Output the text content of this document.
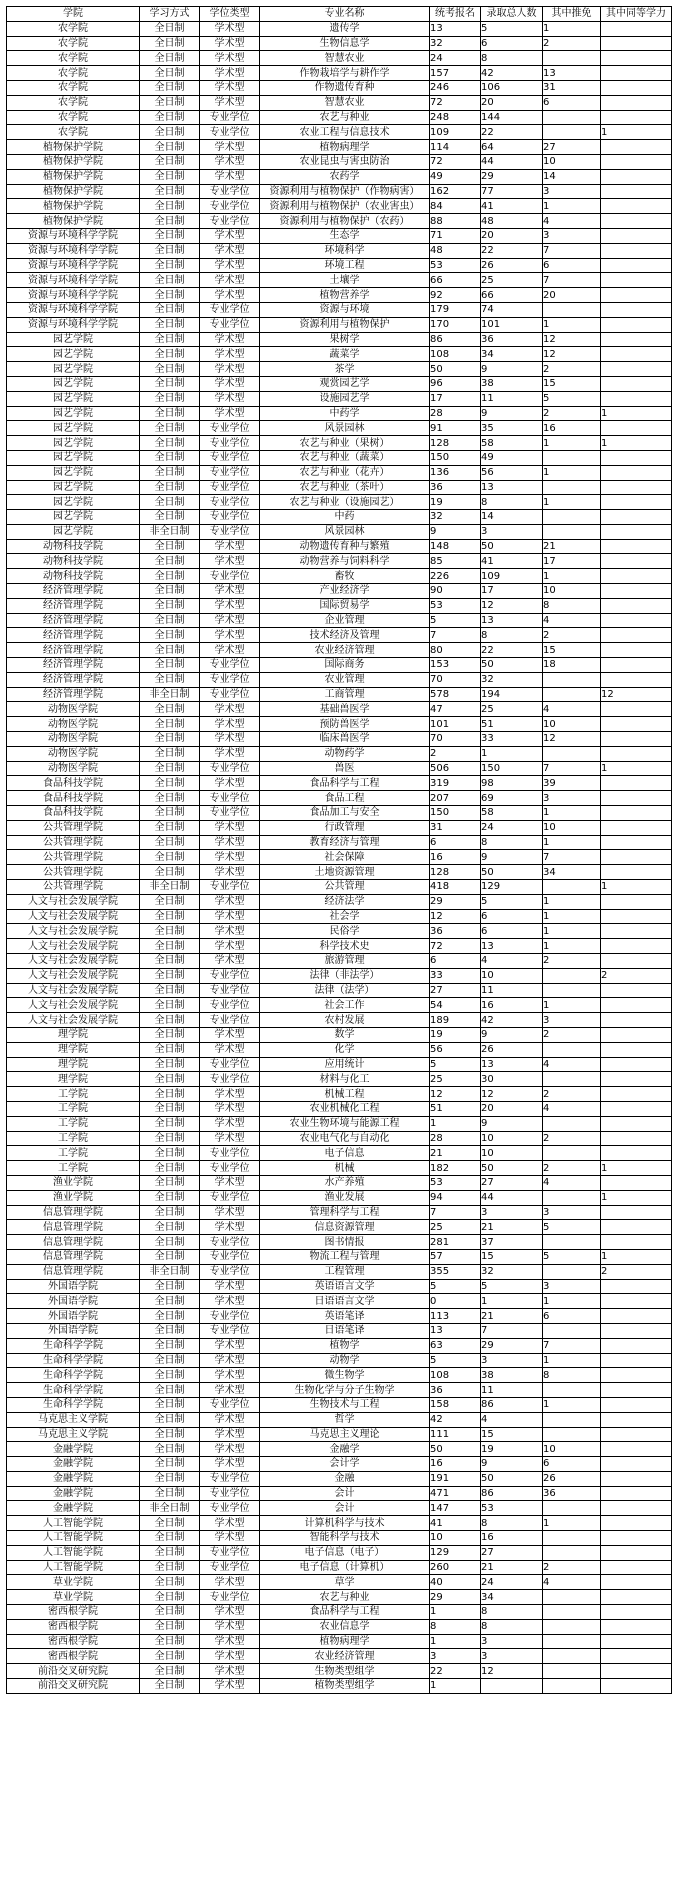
学院	学习方式	学位类型	专业名称	统考报名	录取总人数	其中推免	其中同等学力
农学院	全日制	学术型	遗传学	13	5	1	
农学院	全日制	学术型	生物信息学	32	6	2	
农学院	全日制	学术型	智慧农业	24	8		
农学院	全日制	学术型	作物栽培学与耕作学	157	42	13	
农学院	全日制	学术型	作物遗传育种	246	106	31	
农学院	全日制	学术型	智慧农业	72	20	6	
农学院	全日制	专业学位	农艺与种业	248	144		
农学院	全日制	专业学位	农业工程与信息技术	109	22		1
植物保护学院	全日制	学术型	植物病理学	114	64	27	
植物保护学院	全日制	学术型	农业昆虫与害虫防治	72	44	10	
植物保护学院	全日制	学术型	农药学	49	29	14	
植物保护学院	全日制	专业学位	资源利用与植物保护（作物病害）	162	77	3	
植物保护学院	全日制	专业学位	资源利用与植物保护（农业害虫）	84	41	1	
植物保护学院	全日制	专业学位	资源利用与植物保护（农药）	88	48	4	
资源与环境科学学院	全日制	学术型	生态学	71	20	3	
资源与环境科学学院	全日制	学术型	环境科学	48	22	7	
资源与环境科学学院	全日制	学术型	环境工程	53	26	6	
资源与环境科学学院	全日制	学术型	土壤学	66	25	7	
资源与环境科学学院	全日制	学术型	植物营养学	92	66	20	
资源与环境科学学院	全日制	专业学位	资源与环境	179	74		
资源与环境科学学院	全日制	专业学位	资源利用与植物保护	170	101	1	
园艺学院	全日制	学术型	果树学	86	36	12	
园艺学院	全日制	学术型	蔬菜学	108	34	12	
园艺学院	全日制	学术型	茶学	50	9	2	
园艺学院	全日制	学术型	观赏园艺学	96	38	15	
园艺学院	全日制	学术型	设施园艺学	17	11	5	
园艺学院	全日制	学术型	中药学	28	9	2	1
园艺学院	全日制	专业学位	风景园林	91	35	16	
园艺学院	全日制	专业学位	农艺与种业（果树）	128	58	1	1
园艺学院	全日制	专业学位	农艺与种业（蔬菜）	150	49		
园艺学院	全日制	专业学位	农艺与种业（花卉）	136	56	1	
园艺学院	全日制	专业学位	农艺与种业（茶叶）	36	13		
园艺学院	全日制	专业学位	农艺与种业（设施园艺）	19	8	1	
园艺学院	全日制	专业学位	中药	32	14		
园艺学院	非全日制	专业学位	风景园林	9	3		
动物科技学院	全日制	学术型	动物遗传育种与繁殖	148	50	21	
动物科技学院	全日制	学术型	动物营养与饲料科学	85	41	17	
动物科技学院	全日制	专业学位	畜牧	226	109	1	
经济管理学院	全日制	学术型	产业经济学	90	17	10	
经济管理学院	全日制	学术型	国际贸易学	53	12	8	
经济管理学院	全日制	学术型	企业管理	5	13	4	
经济管理学院	全日制	学术型	技术经济及管理	7	8	2	
经济管理学院	全日制	学术型	农业经济管理	80	22	15	
经济管理学院	全日制	专业学位	国际商务	153	50	18	
经济管理学院	全日制	专业学位	农业管理	70	32		
经济管理学院	非全日制	专业学位	工商管理	578	194		12
动物医学院	全日制	学术型	基础兽医学	47	25	4	
动物医学院	全日制	学术型	预防兽医学	101	51	10	
动物医学院	全日制	学术型	临床兽医学	70	33	12	
动物医学院	全日制	学术型	动物药学	2	1		
动物医学院	全日制	专业学位	兽医	506	150	7	1
食品科技学院	全日制	学术型	食品科学与工程	319	98	39	
食品科技学院	全日制	专业学位	食品工程	207	69	3	
食品科技学院	全日制	专业学位	食品加工与安全	150	58	1	
公共管理学院	全日制	学术型	行政管理	31	24	10	
公共管理学院	全日制	学术型	教育经济与管理	6	8	1	
公共管理学院	全日制	学术型	社会保障	16	9	7	
公共管理学院	全日制	学术型	土地资源管理	128	50	34	
公共管理学院	非全日制	专业学位	公共管理	418	129		1
人文与社会发展学院	全日制	学术型	经济法学	29	5	1	
人文与社会发展学院	全日制	学术型	社会学	12	6	1	
人文与社会发展学院	全日制	学术型	民俗学	36	6	1	
人文与社会发展学院	全日制	学术型	科学技术史	72	13	1	
人文与社会发展学院	全日制	学术型	旅游管理	6	4	2	
人文与社会发展学院	全日制	专业学位	法律（非法学）	33	10		2
人文与社会发展学院	全日制	专业学位	法律（法学）	27	11		
人文与社会发展学院	全日制	专业学位	社会工作	54	16	1	
人文与社会发展学院	全日制	专业学位	农村发展	189	42	3	
理学院	全日制	学术型	数学	19	9	2	
理学院	全日制	学术型	化学	56	26		
理学院	全日制	专业学位	应用统计	5	13	4	
理学院	全日制	专业学位	材料与化工	25	30		
工学院	全日制	学术型	机械工程	12	12	2	
工学院	全日制	学术型	农业机械化工程	51	20	4	
工学院	全日制	学术型	农业生物环境与能源工程	1	9		
工学院	全日制	学术型	农业电气化与自动化	28	10	2	
工学院	全日制	专业学位	电子信息	21	10		
工学院	全日制	专业学位	机械	182	50	2	1
渔业学院	全日制	学术型	水产养殖	53	27	4	
渔业学院	全日制	专业学位	渔业发展	94	44		1
信息管理学院	全日制	学术型	管理科学与工程	7	3	3	
信息管理学院	全日制	学术型	信息资源管理	25	21	5	
信息管理学院	全日制	专业学位	图书情报	281	37		
信息管理学院	全日制	专业学位	物流工程与管理	57	15	5	1
信息管理学院	非全日制	专业学位	工程管理	355	32		2
外国语学院	全日制	学术型	英语语言文学	5	5	3	
外国语学院	全日制	学术型	日语语言文学	0	1	1	
外国语学院	全日制	专业学位	英语笔译	113	21	6	
外国语学院	全日制	专业学位	日语笔译	13	7		
生命科学学院	全日制	学术型	植物学	63	29	7	
生命科学学院	全日制	学术型	动物学	5	3	1	
生命科学学院	全日制	学术型	微生物学	108	38	8	
生命科学学院	全日制	学术型	生物化学与分子生物学	36	11		
生命科学学院	全日制	专业学位	生物技术与工程	158	86	1	
马克思主义学院	全日制	学术型	哲学	42	4		
马克思主义学院	全日制	学术型	马克思主义理论	111	15		
金融学院	全日制	学术型	金融学	50	19	10	
金融学院	全日制	学术型	会计学	16	9	6	
金融学院	全日制	专业学位	金融	191	50	26	
金融学院	全日制	专业学位	会计	471	86	36	
金融学院	非全日制	专业学位	会计	147	53		
人工智能学院	全日制	学术型	计算机科学与技术	41	8	1	
人工智能学院	全日制	学术型	智能科学与技术	10	16		
人工智能学院	全日制	专业学位	电子信息（电子）	129	27		
人工智能学院	全日制	专业学位	电子信息（计算机）	260	21	2	
草业学院	全日制	学术型	草学	40	24	4	
草业学院	全日制	专业学位	农艺与种业	29	34		
密西根学院	全日制	学术型	食品科学与工程	1	8		
密西根学院	全日制	学术型	农业信息学	8	8		
密西根学院	全日制	学术型	植物病理学	1	3		
密西根学院	全日制	学术型	农业经济管理	3	3		
前沿交叉研究院	全日制	学术型	生物类型组学	22	12		
前沿交叉研究院	全日制	学术型	植物类型组学	1			
